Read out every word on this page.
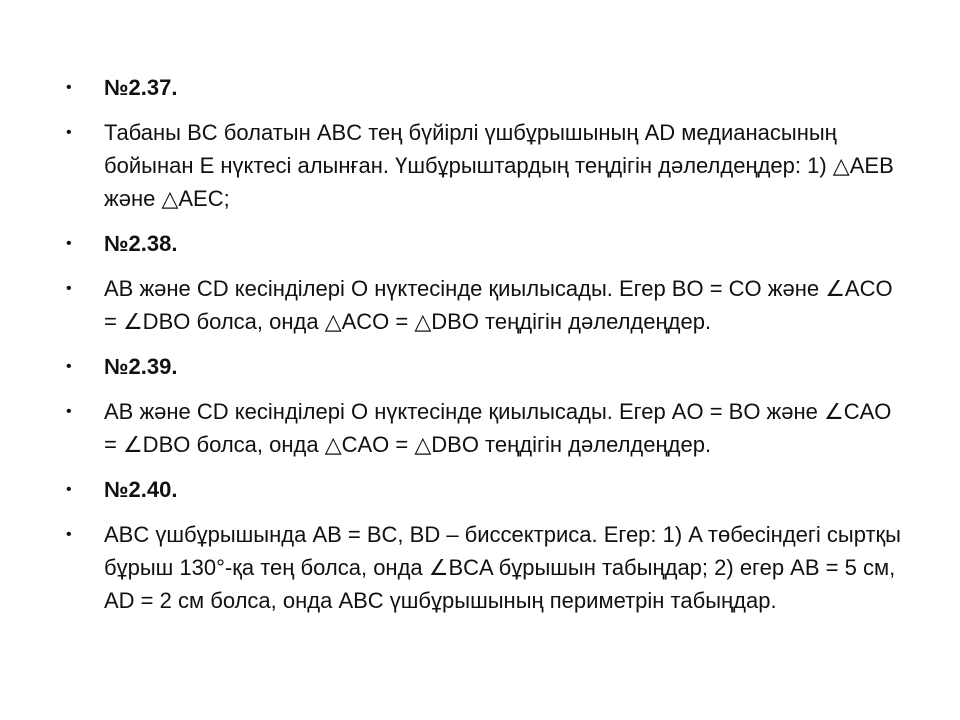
•	№2.37.
•	Табаны BC болатын ABC тең бүйірлі үшбұрышының AD медианасының бойынан E нүктесі алынған. Үшбұрыштардың теңдігін дәлелдеңдер: 1) △AEB және △AEC;
•	№2.38.
•	AB және CD кесінділері O нүктесінде қиылысады. Егер BO = CO және ∠ACO = ∠DBO болса, онда △ACO = △DBO теңдігін дәлелдеңдер.
•	№2.39.
•	AB және CD кесінділері O нүктесінде қиылысады. Егер AO = BO және ∠CAO = ∠DBO болса, онда △CAO = △DBO теңдігін дәлелдеңдер.
•	№2.40.
•	ABC үшбұрышында AB = BC, BD – биссектриса. Егер: 1) A төбесіндегі сыртқы бұрыш 130°-қа тең болса, онда ∠BCA бұрышын табыңдар; 2) егер AB = 5 см, AD = 2 см болса, онда ABC үшбұрышының периметрін табыңдар.
